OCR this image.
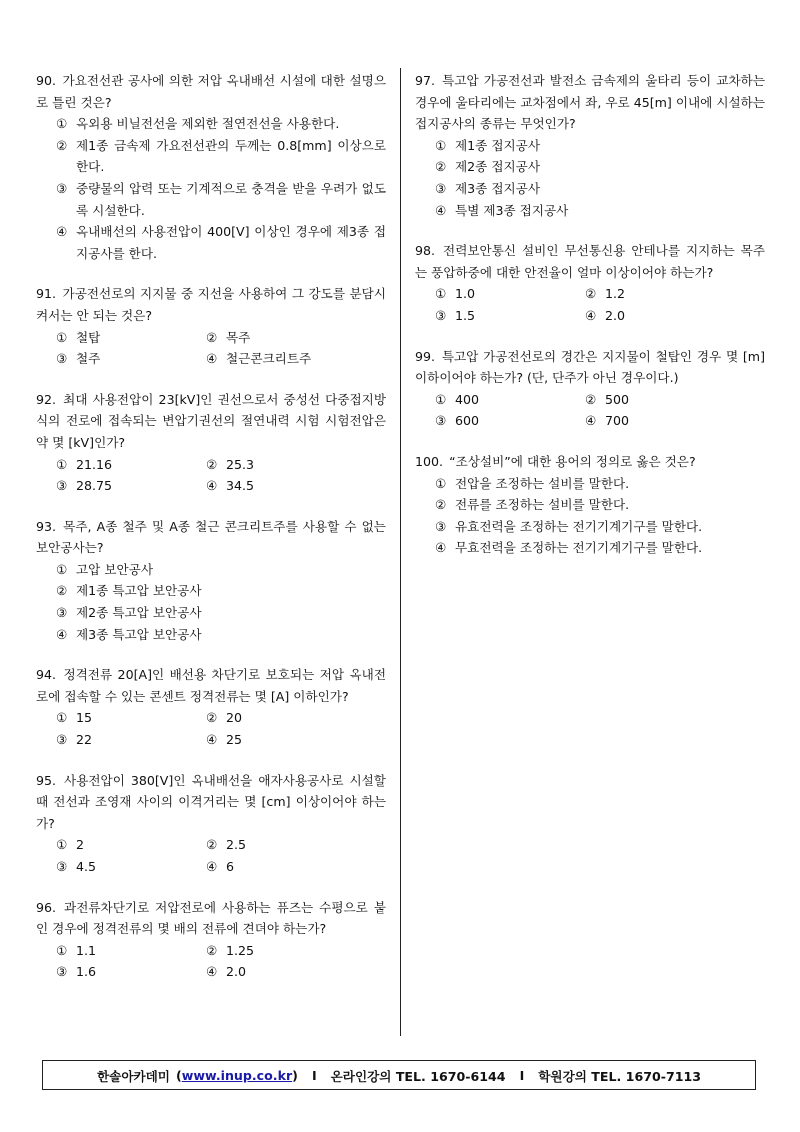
90. 가요전선관 공사에 의한 저압 옥내배선 시설에 대한 설명으로 틀린 것은?

① 옥외용 비닐전선을 제외한 절연전선을 사용한다.
② 제1종 금속제 가요전선관의 두께는 0.8[mm] 이상으로 한다.
③ 중량물의 압력 또는 기계적으로 충격을 받을 우려가 없도록 시설한다.
④ 옥내배선의 사용전압이 400[V] 이상인 경우에 제3종 접지공사를 한다.

91. 가공전선로의 지지물 중 지선을 사용하여 그 강도를 분담시켜서는 안 되는 것은?

① 철탑	② 목주
③ 철주	④ 철근콘크리트주

92. 최대 사용전압이 23[kV]인 권선으로서 중성선 다중접지방식의 전로에 접속되는 변압기권선의 절연내력 시험 시험전압은 약 몇 [kV]인가?

① 21.16	② 25.3
③ 28.75	④ 34.5

93. 목주, A종 철주 및 A종 철근 콘크리트주를 사용할 수 없는 보안공사는?

① 고압 보안공사
② 제1종 특고압 보안공사
③ 제2종 특고압 보안공사
④ 제3종 특고압 보안공사

94. 정격전류 20[A]인 배선용 차단기로 보호되는 저압 옥내전로에 접속할 수 있는 콘센트 정격전류는 몇 [A] 이하인가?

① 15	② 20
③ 22	④ 25

95. 사용전압이 380[V]인 옥내배선을 애자사용공사로 시설할 때 전선과 조영재 사이의 이격거리는 몇 [cm] 이상이어야 하는가?

① 2	② 2.5
③ 4.5	④ 6

96. 과전류차단기로 저압전로에 사용하는 퓨즈는 수평으로 붙인 경우에 정격전류의 몇 배의 전류에 견뎌야 하는가?

① 1.1	② 1.25
③ 1.6	④ 2.0

97. 특고압 가공전선과 발전소 금속제의 울타리 등이 교차하는 경우에 울타리에는 교차점에서 좌, 우로 45[m] 이내에 시설하는 접지공사의 종류는 무엇인가?

① 제1종 접지공사
② 제2종 접지공사
③ 제3종 접지공사
④ 특별 제3종 접지공사

98. 전력보안통신 설비인 무선통신용 안테나를 지지하는 목주는 풍압하중에 대한 안전율이 얼마 이상이어야 하는가?

① 1.0	② 1.2
③ 1.5	④ 2.0

99. 특고압 가공전선로의 경간은 지지물이 철탑인 경우 몇 [m] 이하이어야 하는가? (단, 단주가 아닌 경우이다.)

① 400	② 500
③ 600	④ 700

100. “조상설비”에 대한 용어의 정의로 옳은 것은?

① 전압을 조정하는 설비를 말한다.
② 전류를 조정하는 설비를 말한다.
③ 유효전력을 조정하는 전기기계기구를 말한다.
④ 무효전력을 조정하는 전기기계기구를 말한다.
한솔아카데미 (www.inup.co.kr) I 온라인강의 TEL. 1670-6144 I 학원강의 TEL. 1670-7113
